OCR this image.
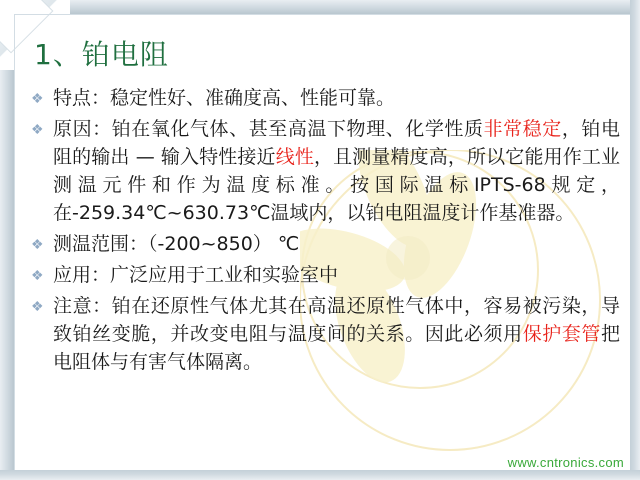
1、铂电阻
❖ 特点：稳定性好、准确度高、性能可靠。
❖ 原因：铂在氧化气体、甚至高温下物理、化学性质非常稳定，铂电阻的输出 — 输入特性接近线性，且测量精度高，所以它能用作工业测温元件和作为温度标准。按国际温标IPTS-68规定，在-259.34℃~630.73℃温域内，以铂电阻温度计作基准器。
❖ 测温范围：（-200~850） ℃
❖ 应用：广泛应用于工业和实验室中
❖ 注意：铂在还原性气体尤其在高温还原性气体中，容易被污染，导致铂丝变脆，并改变电阻与温度间的关系。因此必须用保护套管把电阻体与有害气体隔离。
www.cntronics.com
